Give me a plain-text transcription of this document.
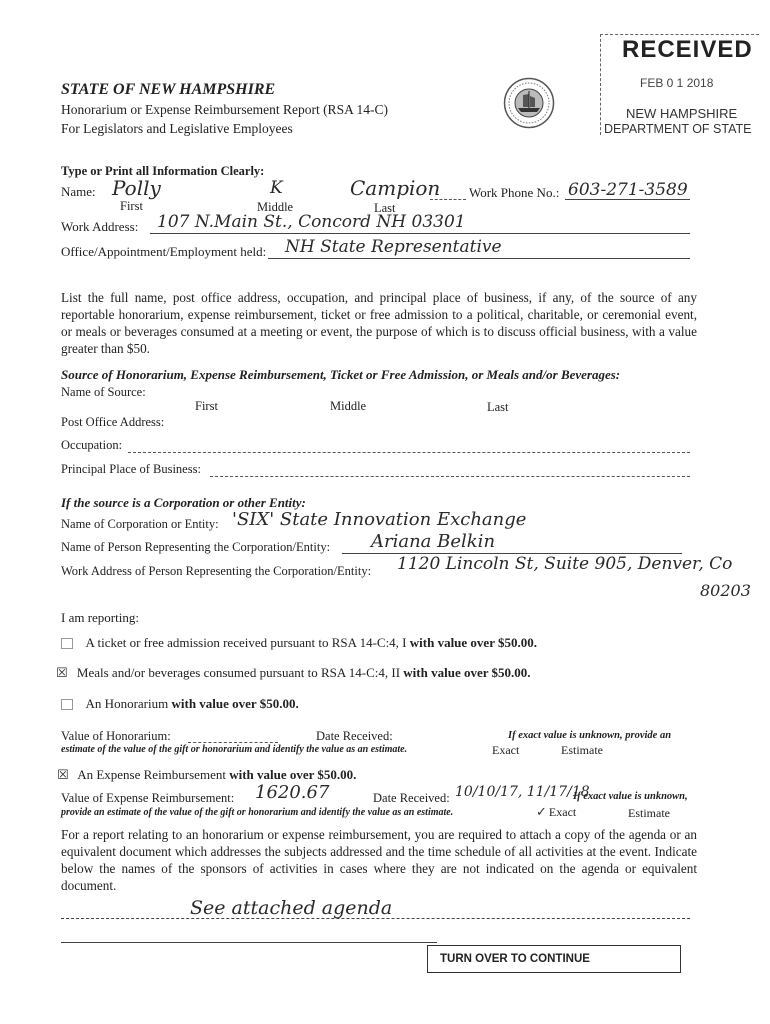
RECEIVED
FEB 0 1 2018
NEW HAMPSHIRE
DEPARTMENT OF STATE
STATE OF NEW HAMPSHIRE
Honorarium or Expense Reimbursement Report (RSA 14-C)
For Legislators and Legislative Employees
Type or Print all Information Clearly:
Name: Polly	K	Campion Work Phone No.: 603-271-3589
First	Middle	Last
Work Address: 107 N.Main St., Concord NH 03301
Office/Appointment/Employment held: NH State Representative
List the full name, post office address, occupation, and principal place of business, if any, of the source of any reportable honorarium, expense reimbursement, ticket or free admission to a political, charitable, or ceremonial event, or meals or beverages consumed at a meeting or event, the purpose of which is to discuss official business, with a value greater than $50.
Source of Honorarium, Expense Reimbursement, Ticket or Free Admission, or Meals and/or Beverages:
Name of Source:
First	Middle	Last
Post Office Address:
Occupation:
Principal Place of Business:
If the source is a Corporation or other Entity:
Name of Corporation or Entity: 'SIX' State Innovation Exchange
Name of Person Representing the Corporation/Entity: Ariana Belkin
Work Address of Person Representing the Corporation/Entity: 1120 Lincoln St, Suite 905, Denver, Co
80203
I am reporting:
A ticket or free admission received pursuant to RSA 14-C:4, I with value over $50.00.
☒ Meals and/or beverages consumed pursuant to RSA 14-C:4, II with value over $50.00.
An Honorarium with value over $50.00.
Value of Honorarium:	Date Received:	If exact value is unknown, provide an
estimate of the value of the gift or honorarium and identify the value as an estimate.	Exact	Estimate
☒ An Expense Reimbursement with value over $50.00.
Value of Expense Reimbursement: 1620.67	Date Received: 10/10/17, 11/17/18
If exact value is unknown,
provide an estimate of the value of the gift or honorarium and identify the value as an estimate.	✓ Exact	Estimate
For a report relating to an honorarium or expense reimbursement, you are required to attach a copy of the agenda or an equivalent document which addresses the subjects addressed and the time schedule of all activities at the event. Indicate below the names of the sponsors of activities in cases where they are not indicated on the agenda or equivalent document.
See attached agenda
TURN OVER TO CONTINUE
